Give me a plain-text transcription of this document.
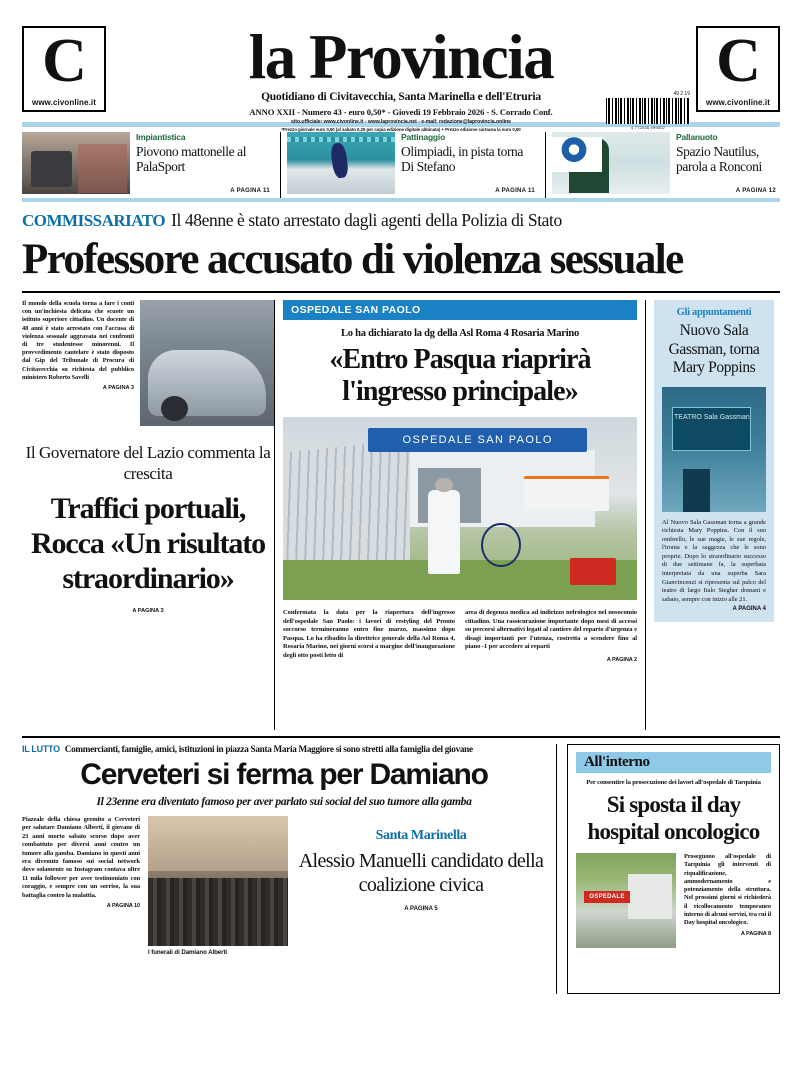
C
www.civonline.it
la Provincia
Quotidiano di Civitavecchia, Santa Marinella e dell'Etruria
ANNO XXII - Numero 43 - euro 0,50* - Giovedì 19 Febbraio 2026 - S. Corrado Conf.
sito.ufficiale: www.civonline.it - www.laprovincia.net - e-mail: redazione@laprovincia.online
*Prezzo giornale euro 0,50 (al sabato 0,25 per copia edizione digitale abbinata) + Prezzo edizione cartacea la euro 0,50
49 2 19
4 772038 499002
C
www.civonline.it
Impiantistica
Piovono mattonelle al PalaSport
A PAGINA 11
Pattinaggio
Olimpiadi, in pista torna Di Stefano
A PAGINA 11
Pallanuoto
Spazio Nautilus, parola a Ronconi
A PAGINA 12
COMMISSARIATO Il 48enne è stato arrestato dagli agenti della Polizia di Stato
Professore accusato di violenza sessuale
Il mondo della scuola torna a fare i conti con un'inchiesta delicata che scuote un istituto superiore cittadino. Un docente di 48 anni è stato arrestato con l'accusa di violenza sessuale aggravata nei confronti di tre studentesse minorenni. Il provvedimento cautelare è stato disposto dal Gip del Tribunale di Procura di Civitavecchia su richiesta del pubblico ministero Roberto Savelli
A PAGINA 3
Il Governatore del Lazio commenta la crescita
Traffici portuali, Rocca «Un risultato straordinario»
A PAGINA 3
OSPEDALE SAN PAOLO
Lo ha dichiarato la dg della Asl Roma 4 Rosaria Marino
«Entro Pasqua riaprirà l'ingresso principale»
OSPEDALE SAN PAOLO
Confermata la data per la riapertura dell'ingresso dell'ospedale San Paolo: i lavori di restyling del Pronto soccorso termineranno entro fine marzo, massimo dopo Pasqua. Lo ha ribadito la direttrice generale della Asl Roma 4, Rosaria Marino, nei giorni scorsi a margine dell'inaugurazione degli otto posti letto di
area di degenza medica ad indirizzo nefrologico nel nosocomio cittadino. Una rassicurazione importante dopo mesi di accessi su percorsi alternativi legati al cantiere del reparto d'urgenza e disagi importanti per l'utenza, costretta a scendere fino al piano -1 per accedere ai reparti
A PAGINA 2
Gli appuntamenti
Nuovo Sala Gassman, torna Mary Poppins
TEATRO Sala Gassman
Al Nuovo Sala Gassman torna a grande richiesta Mary Poppins. Con il suo ombrello, le sue magie, le sue regole, l'ironia e la saggezza che le sono proprie. Dopo lo straordinario successo di due settimane fa, la superbata interpretata da una superba Sara Gianvincenzi si ripresenta sul palco del teatro di largo Italo Stegher domani e sabato, sempre con inizio alle 21.
A PAGINA 4
IL LUTTO Commercianti, famiglie, amici, istituzioni in piazza Santa Maria Maggiore si sono stretti alla famiglia del giovane
Cerveteri si ferma per Damiano
Il 23enne era diventato famoso per aver parlato sui social del suo tumore alla gamba
Piazzale della chiesa gremito a Cerveteri per salutare Damiano Alberti, il giovane di 23 anni morto sabato scorso dopo aver combattuto per diversi anni contro un tumore alla gamba. Damiano in questi anni era divenuto famoso sui social network dove solamente su Instagram contava oltre 11 mila follower per aver testimoniato con coraggio, e sempre con un sorriso, la sua battaglia contro la malattia.
A PAGINA 10
I funerali di Damiano Alberti
Santa Marinella
Alessio Manuelli candidato della coalizione civica
A PAGINA 5
All'interno
Per consentire la prosecuzione dei lavori all'ospedale di Tarquinia
Si sposta il day hospital oncologico
OSPEDALE
Proseguono all'ospedale di Tarquinia gli interventi di riqualificazione, ammodernamento e potenziamento della struttura. Nel prossimi giorni si richiederà il ricollocamento temporaneo interno di alcuni servizi, tra cui il Day hospital oncologico.
A PAGINA 8
